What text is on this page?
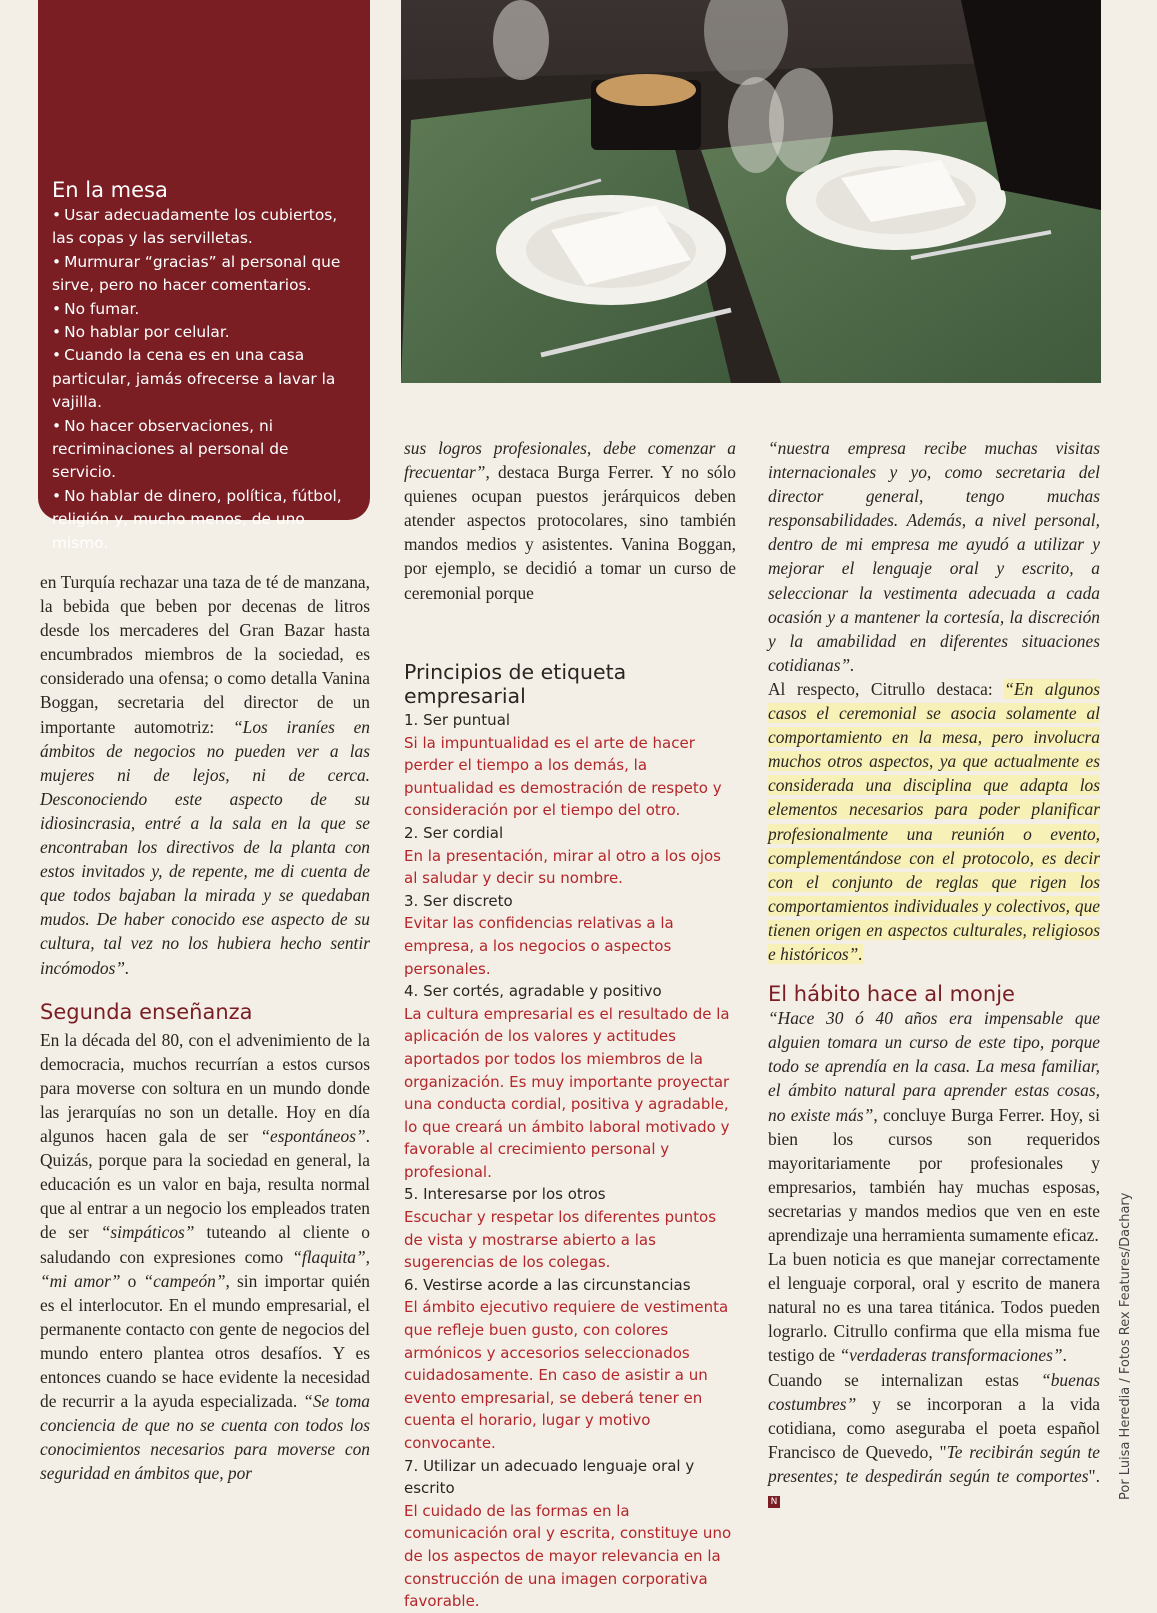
En la mesa
• Usar adecuadamente los cubiertos, las copas y las servilletas.
• Murmurar “gracias” al personal que sirve, pero no hacer comentarios.
• No fumar.
• No hablar por celular.
• Cuando la cena es en una casa particular, jamás ofrecerse a lavar la vajilla.
• No hacer observaciones, ni recriminaciones al personal de servicio.
• No hablar de dinero, política, fútbol, religión y, mucho menos, de uno mismo.

en Turquía rechazar una taza de té de manzana, la bebida que beben por decenas de litros desde los mercaderes del Gran Bazar hasta encumbrados miembros de la sociedad, es considerado una ofensa; o como detalla Vanina Boggan, secretaria del director de un importante automotriz: “Los iraníes en ámbitos de negocios no pueden ver a las mujeres ni de lejos, ni de cerca. Desconociendo este aspecto de su idiosincrasia, entré a la sala en la que se encontraban los directivos de la planta con estos invitados y, de repente, me di cuenta de que todos bajaban la mirada y se quedaban mudos. De haber conocido ese aspecto de su cultura, tal vez no los hubiera hecho sentir incómodos”.

Segunda enseñanza

En la década del 80, con el advenimiento de la democracia, muchos recurrían a estos cursos para moverse con soltura en un mundo donde las jerarquías no son un detalle. Hoy en día algunos hacen gala de ser “espontáneos”. Quizás, porque para la sociedad en general, la educación es un valor en baja, resulta normal que al entrar a un negocio los empleados traten de ser “simpáticos” tuteando al cliente o saludando con expresiones como “flaquita”, “mi amor” o “campeón”, sin importar quién es el interlocutor. En el mundo empresarial, el permanente contacto con gente de negocios del mundo entero plantea otros desafíos. Y es entonces cuando se hace evidente la necesidad de recurrir a la ayuda especializada. “Se toma conciencia de que no se cuenta con todos los conocimientos necesarios para moverse con seguridad en ámbitos que, por

sus logros profesionales, debe comenzar a frecuentar”, destaca Burga Ferrer. Y no sólo quienes ocupan puestos jerárquicos deben atender aspectos protocolares, sino también mandos medios y asistentes. Vanina Boggan, por ejemplo, se decidió a tomar un curso de ceremonial porque

Principios de etiqueta empresarial
1. Ser puntual
Si la impuntualidad es el arte de hacer perder el tiempo a los demás, la puntualidad es demostración de respeto y consideración por el tiempo del otro.
2. Ser cordial
En la presentación, mirar al otro a los ojos al saludar y decir su nombre.
3. Ser discreto
Evitar las confidencias relativas a la empresa, a los negocios o aspectos personales.
4. Ser cortés, agradable y positivo
La cultura empresarial es el resultado de la aplicación de los valores y actitudes aportados por todos los miembros de la organización. Es muy importante proyectar una conducta cordial, positiva y agradable, lo que creará un ámbito laboral motivado y favorable al crecimiento personal y profesional.
5. Interesarse por los otros
Escuchar y respetar los diferentes puntos de vista y mostrarse abierto a las sugerencias de los colegas.
6. Vestirse acorde a las circunstancias
El ámbito ejecutivo requiere de vestimenta que refleje buen gusto, con colores armónicos y accesorios seleccionados cuidadosamente. En caso de asistir a un evento empresarial, se deberá tener en cuenta el horario, lugar y motivo convocante.
7. Utilizar un adecuado lenguaje oral y escrito
El cuidado de las formas en la comunicación oral y escrita, constituye uno de los aspectos de mayor relevancia en la construcción de una imagen corporativa favorable.

“nuestra empresa recibe muchas visitas internacionales y yo, como secretaria del director general, tengo muchas responsabilidades. Además, a nivel personal, dentro de mi empresa me ayudó a utilizar y mejorar el lenguaje oral y escrito, a seleccionar la vestimenta adecuada a cada ocasión y a mantener la cortesía, la discreción y la amabilidad en diferentes situaciones cotidianas”.

Al respecto, Citrullo destaca: “En algunos casos el ceremonial se asocia solamente al comportamiento en la mesa, pero involucra muchos otros aspectos, ya que actualmente es considerada una disciplina que adapta los elementos necesarios para poder planificar profesionalmente una reunión o evento, complementándose con el protocolo, es decir con el conjunto de reglas que rigen los comportamientos individuales y colectivos, que tienen origen en aspectos culturales, religiosos e históricos”.

El hábito hace al monje

“Hace 30 ó 40 años era impensable que alguien tomara un curso de este tipo, porque todo se aprendía en la casa. La mesa familiar, el ámbito natural para aprender estas cosas, no existe más”, concluye Burga Ferrer. Hoy, si bien los cursos son requeridos mayoritariamente por profesionales y empresarios, también hay muchas esposas, secretarias y mandos medios que ven en este aprendizaje una herramienta sumamente eficaz.

La buen noticia es que manejar correctamente el lenguaje corporal, oral y escrito de manera natural no es una tarea titánica. Todos pueden lograrlo. Citrullo confirma que ella misma fue testigo de “verdaderas transformaciones”.

Cuando se internalizan estas “buenas costumbres” y se incorporan a la vida cotidiana, como aseguraba el poeta español Francisco de Quevedo, "Te recibirán según te presentes; te despedirán según te comportes". N

Por Luisa Heredia / Fotos Rex Features/Dachary
